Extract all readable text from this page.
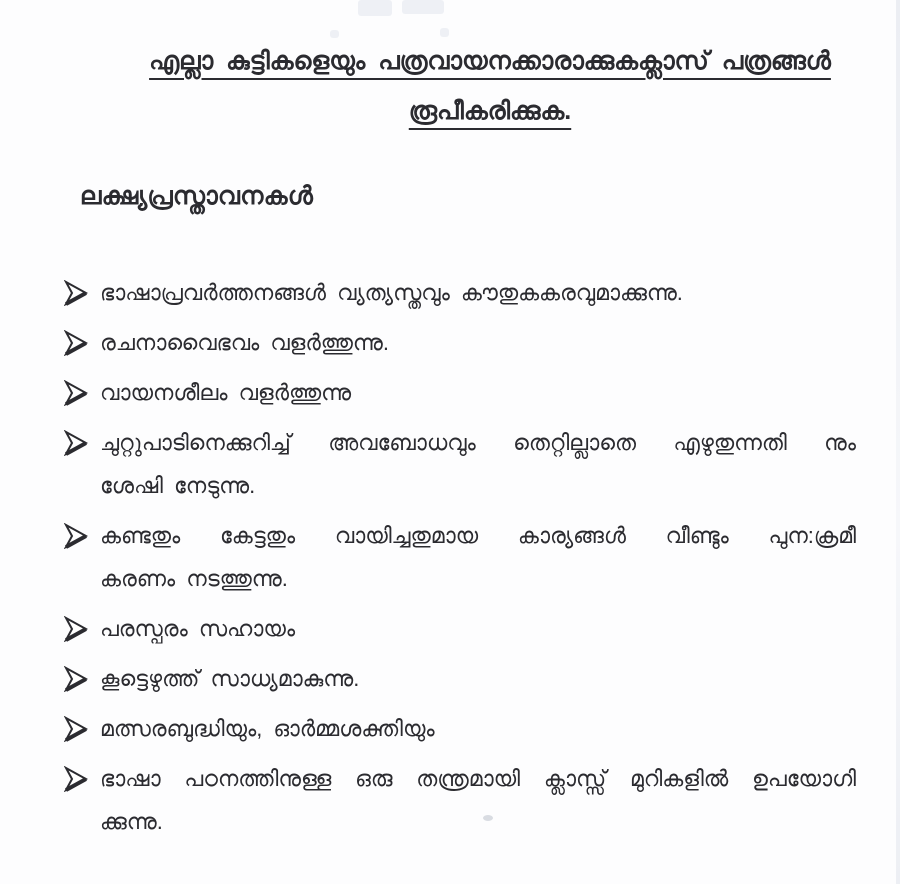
എല്ലാ കുട്ടികളെയും പത്രവായനക്കാരാക്കുകക്ലാസ് പത്രങ്ങൾ
രൂപീകരിക്കുക.
ലക്ഷ്യപ്രസ്താവനകൾ
ഭാഷാപ്രവർത്തനങ്ങൾ വ്യത്യസ്തവും കൗതുകകരവുമാക്കുന്നു.
രചനാവൈഭവം വളർത്തുന്നു.
വായനശീലം വളർത്തുന്നു
ചുറ്റുപാടിനെക്കുറിച്ച് അവബോധവും തെറ്റില്ലാതെ എഴുതുന്നതി നും
ശേഷി നേടുന്നു.
കണ്ടതും കേട്ടതും വായിച്ചതുമായ കാര്യങ്ങൾ വീണ്ടും പുന:ക്രമീ
കരണം നടത്തുന്നു.
പരസ്പരം സഹായം
കൂട്ടെഴുത്ത് സാധ്യമാകുന്നു.
മത്സരബുദ്ധിയും, ഓർമ്മശക്തിയും
ഭാഷാ പഠനത്തിനുള്ള ഒരു തന്ത്രമായി ക്ലാസ്സ് മുറികളിൽ ഉപയോഗി
ക്കുന്നു.
